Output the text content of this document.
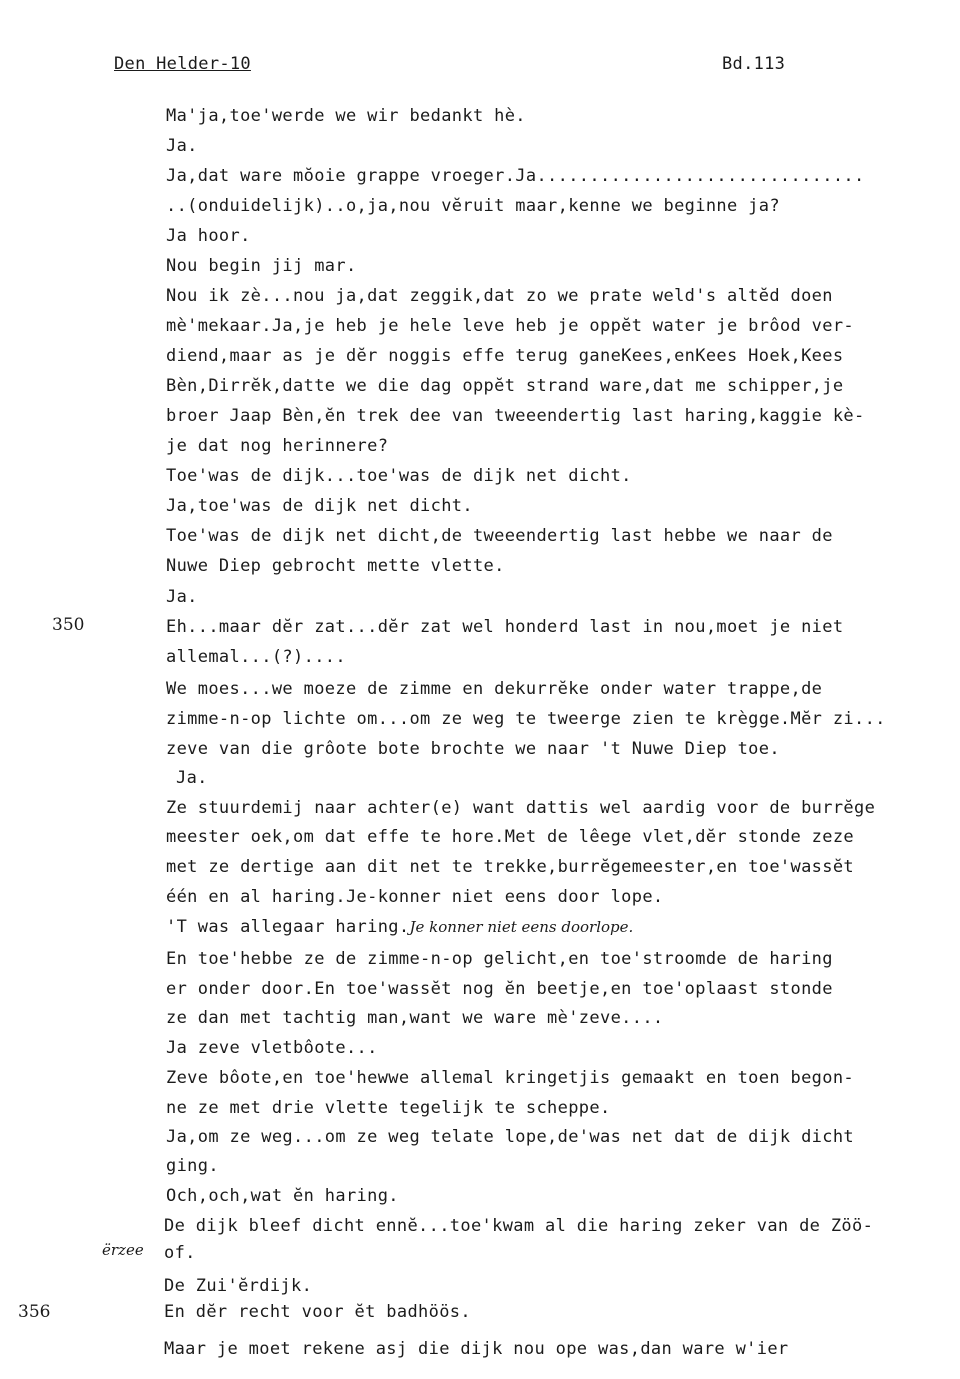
Den Helder-10	Bd.113
350
ërzee
356
Ma'ja,toe'werde we wir bedankt hè.
Ja.
Ja,dat ware mŏoie grappe vroeger.Ja...............................
..(onduidelijk)..o,ja,nou vĕruit maar,kenne we beginne ja?
Ja hoor.
Nou begin jij mar.
Nou ik zè...nou ja,dat zeggik,dat zo we prate weld's altĕd doen
mè'mekaar.Ja,je heb je hele leve heb je oppĕt water je brôod ver-
diend,maar as je dĕr noggis effe terug ganeKees,enKees Hoek,Kees
Bèn,Dirrĕk,datte we die dag oppĕt strand ware,dat me schipper,je
broer Jaap Bèn,ĕn trek dee van tweeendertig last haring,kaggie kè-
je dat nog herinnere?
Toe'was de dijk...toe'was de dijk net dicht.
Ja,toe'was de dijk net dicht.
Toe'was de dijk net dicht,de tweeendertig last hebbe we naar de
Nuwe Diep gebrocht mette vlette.
Ja.
Eh...maar dĕr zat...dĕr zat wel honderd last in nou,moet je niet
allemal...(?)....
We moes...we moeze de zimme en dekurrĕke onder water trappe,de
zimme-n-op lichte om...om ze weg te tweerge zien te krègge.Mĕr zi...
zeve van die grôote bote brochte we naar 't Nuwe Diep toe.
Ja.
Ze stuurdemij naar achter(e) want dattis wel aardig voor de burrĕge
meester oek,om dat effe te hore.Met de lêege vlet,dĕr stonde zeze
met ze dertige aan dit net te trekke,burrĕgemeester,en toe'wassĕt
één en al haring.Je-konner niet eens door lope.
'T was allegaar haring.Je konner niet eens doorlope.
En toe'hebbe ze de zimme-n-op gelicht,en toe'stroomde de haring
er onder door.En toe'wassĕt nog ĕn beetje,en toe'oplaast stonde
ze dan met tachtig man,want we ware mè'zeve....
Ja zeve vletbôote...
Zeve bôote,en toe'hewwe allemal kringetjis gemaakt en toen begon-
ne ze met drie vlette tegelijk te scheppe.
Ja,om ze weg...om ze weg telate lope,de'was net dat de dijk dicht
ging.
Och,och,wat ĕn haring.
De dijk bleef dicht ennĕ...toe'kwam al die haring zeker van de Zöö-
of.
De Zui'ĕrdijk.
En dĕr recht voor ĕt badhöös.
Maar je moet rekene asj die dijk nou ope was,dan ware w'ier
